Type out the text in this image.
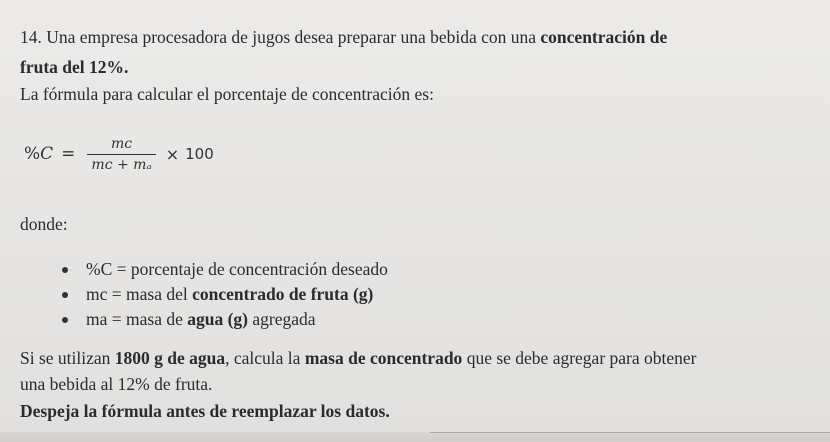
14. Una empresa procesadora de jugos desea preparar una bebida con una concentración de
fruta del 12%.
La fórmula para calcular el porcentaje de concentración es:
$\%C = \frac{\text{mᴄ}}{\text{mᴄ + mₐ}} \times 100$
donde:
%C = porcentaje de concentración deseado
mc = masa del concentrado de fruta (g)
ma = masa de agua (g) agregada
Si se utilizan 1800 g de agua, calcula la masa de concentrado que se debe agregar para obtener
una bebida al 12% de fruta.
Despeja la fórmula antes de reemplazar los datos.
